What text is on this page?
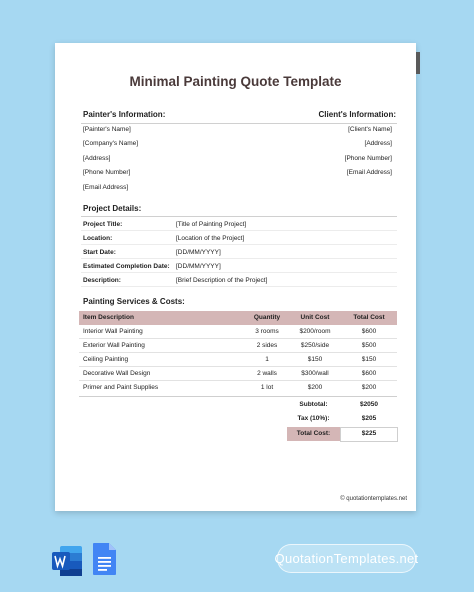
Minimal Painting Quote Template
Painter's Information:	Client's Information:
[Painter's Name]
[Company's Name]
[Address]
[Phone Number]
[Email Address]
[Client's Name]
[Address]
[Phone Number]
[Email Address]
Project Details:
Project Title:	[Title of Painting Project]
Location:	[Location of the Project]
Start Date:	[DD/MM/YYYY]
Estimated Completion Date: [DD/MM/YYYY]
Description:	[Brief Description of the Project]
Painting Services & Costs:
Item Description	Quantity	Unit Cost	Total Cost
Interior Wall Painting	3 rooms	$200/room	$600
Exterior Wall Painting	2 sides	$250/side	$500
Ceiling Painting	1	$150	$150
Decorative Wall Design	2 walls	$300/wall	$600
Primer and Paint Supplies	1 lot	$200	$200
Subtotal:	$2050
Tax (10%):	$205
Total Cost:	$225
© quotationtemplates.net
QuotationTemplates.net
